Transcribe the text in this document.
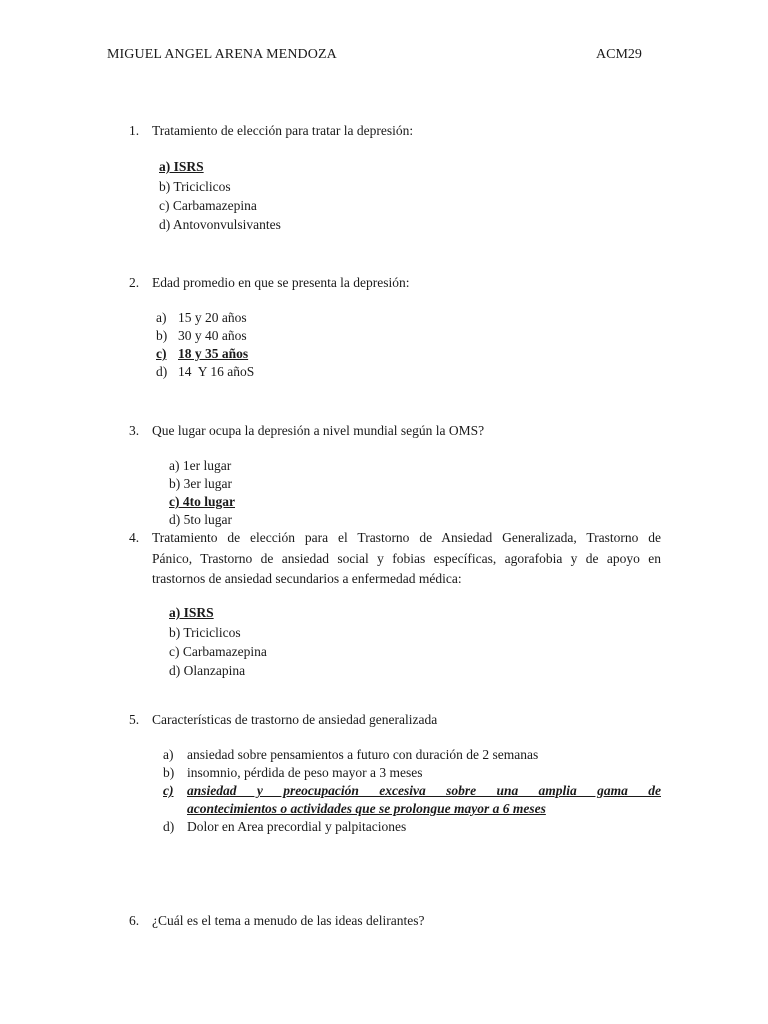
MIGUEL ANGEL ARENA MENDOZA	ACM29
1. Tratamiento de elección para tratar la depresión:
a) ISRS
b) Triciclicos
c) Carbamazepina
d) Antovonvulsivantes
2. Edad promedio en que se presenta la depresión:
a) 15 y 20 años
b) 30 y 40 años
c) 18 y 35 años
d) 14  Y 16 añoS
3. Que lugar ocupa la depresión a nivel mundial según la OMS?
a) 1er lugar
b) 3er lugar
c) 4to lugar
d) 5to lugar
4. Tratamiento de elección para el Trastorno de Ansiedad Generalizada, Trastorno de
Pánico, Trastorno de ansiedad social y fobias específicas, agorafobia y de apoyo en
trastornos de ansiedad secundarios a enfermedad médica:
a) ISRS
b) Triciclicos
c) Carbamazepina
d) Olanzapina
5. Características de trastorno de ansiedad generalizada
a) ansiedad sobre pensamientos a futuro con duración de 2 semanas
b) insomnio, pérdida de peso mayor a 3 meses
c) ansiedad y preocupación excesiva sobre una amplia gama de
acontecimientos o actividades que se prolongue mayor a 6 meses
d) Dolor en Area precordial y palpitaciones
6. ¿Cuál es el tema a menudo de las ideas delirantes?
